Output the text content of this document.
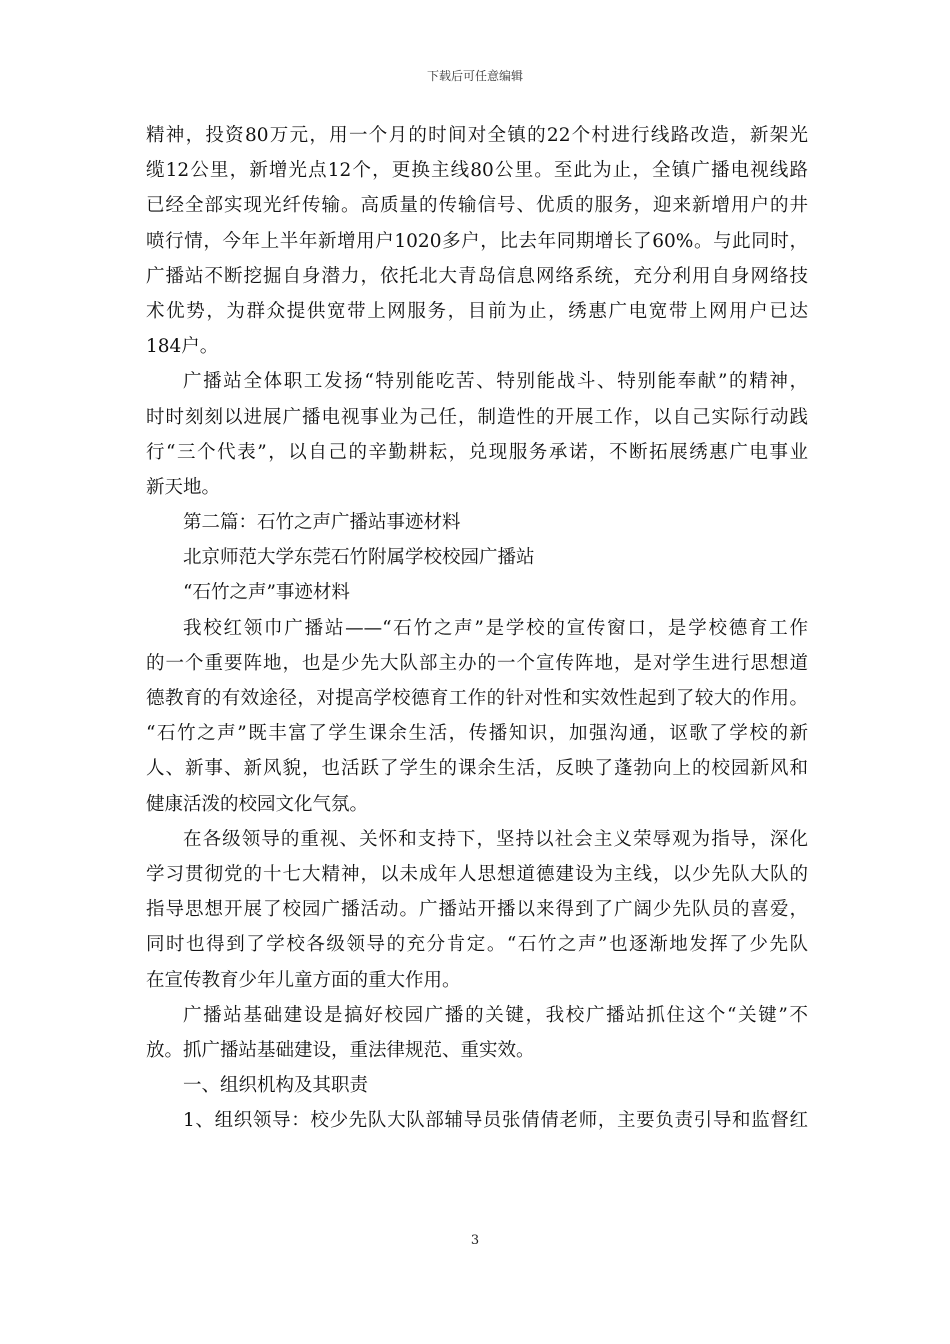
下载后可任意编辑
精神，投资80万元，用一个月的时间对全镇的22个村进行线路改造，新架光
缆12公里，新增光点12个，更换主线80公里。至此为止，全镇广播电视线路
已经全部实现光纤传输。高质量的传输信号、优质的服务，迎来新增用户的井
喷行情，今年上半年新增用户1020多户，比去年同期增长了60%。与此同时，
广播站不断挖掘自身潜力，依托北大青岛信息网络系统，充分利用自身网络技
术优势，为群众提供宽带上网服务，目前为止，绣惠广电宽带上网用户已达
184户。
广播站全体职工发扬“特别能吃苦、特别能战斗、特别能奉献”的精神，
时时刻刻以进展广播电视事业为己任，制造性的开展工作，以自己实际行动践
行“三个代表”，以自己的辛勤耕耘，兑现服务承诺，不断拓展绣惠广电事业
新天地。
第二篇：石竹之声广播站事迹材料
北京师范大学东莞石竹附属学校校园广播站
“石竹之声”事迹材料
我校红领巾广播站——“石竹之声”是学校的宣传窗口，是学校德育工作
的一个重要阵地，也是少先大队部主办的一个宣传阵地，是对学生进行思想道
德教育的有效途径，对提高学校德育工作的针对性和实效性起到了较大的作用。
“石竹之声”既丰富了学生课余生活，传播知识，加强沟通，讴歌了学校的新
人、新事、新风貌，也活跃了学生的课余生活，反映了蓬勃向上的校园新风和
健康活泼的校园文化气氛。
在各级领导的重视、关怀和支持下，坚持以社会主义荣辱观为指导，深化
学习贯彻党的十七大精神，以未成年人思想道德建设为主线，以少先队大队的
指导思想开展了校园广播活动。广播站开播以来得到了广阔少先队员的喜爱，
同时也得到了学校各级领导的充分肯定。“石竹之声”也逐渐地发挥了少先队
在宣传教育少年儿童方面的重大作用。
广播站基础建设是搞好校园广播的关键，我校广播站抓住这个“关键”不
放。抓广播站基础建设，重法律规范、重实效。
一、组织机构及其职责
1、组织领导：校少先队大队部辅导员张倩倩老师，主要负责引导和监督红
3
